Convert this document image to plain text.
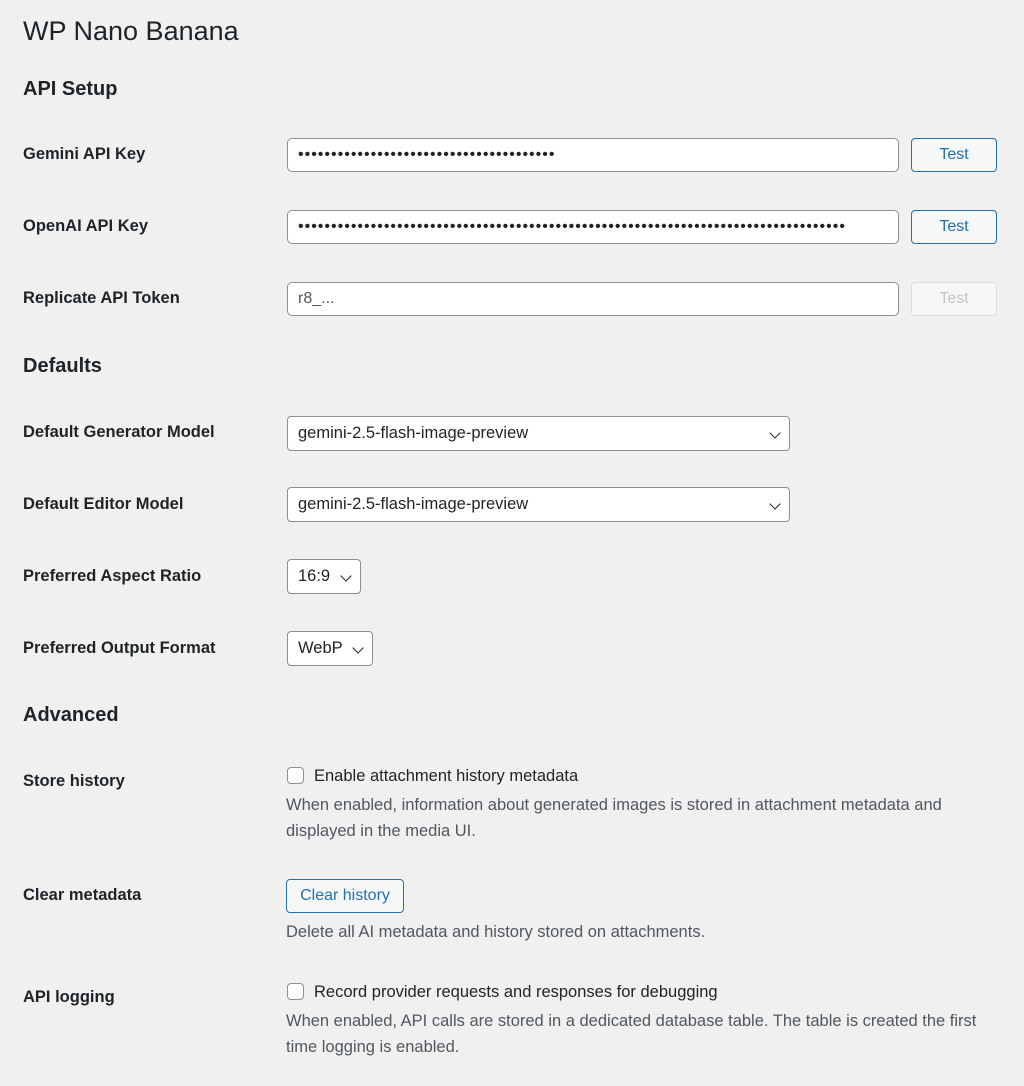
WP Nano Banana
API Setup
Gemini API Key	•••••••••••••••••••••••••••••••••••••••	Test
OpenAI API Key	•••••••••••••••••••••••••••••••••••••••••••••••••••••••••••••••••••••••••••••••••••	Test
Replicate API Token	r8_...	Test
Defaults
Default Generator Model	gemini-2.5-flash-image-preview
Default Editor Model	gemini-2.5-flash-image-preview
Preferred Aspect Ratio	16:9
Preferred Output Format	WebP
Advanced
Store history	Enable attachment history metadata
When enabled, information about generated images is stored in attachment metadata and displayed in the media UI.
Clear metadata	Clear history
Delete all AI metadata and history stored on attachments.
API logging	Record provider requests and responses for debugging
When enabled, API calls are stored in a dedicated database table. The table is created the first time logging is enabled.
